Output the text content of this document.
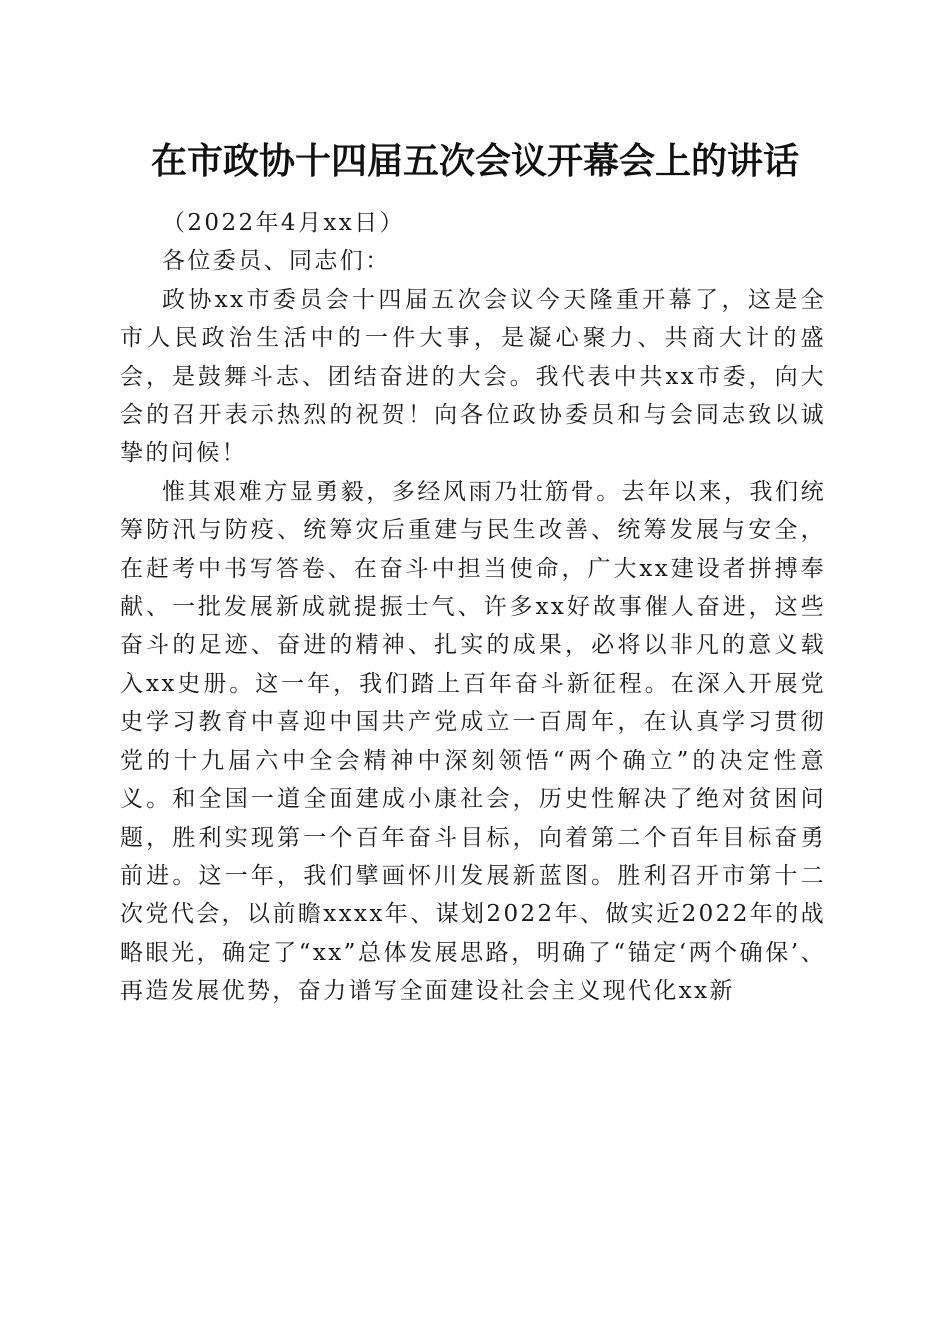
在市政协十四届五次会议开幕会上的讲话

（2022年4月xx日）

各位委员、同志们：

政协xx市委员会十四届五次会议今天隆重开幕了，这是全市人民政治生活中的一件大事，是凝心聚力、共商大计的盛会，是鼓舞斗志、团结奋进的大会。我代表中共xx市委，向大会的召开表示热烈的祝贺！向各位政协委员和与会同志致以诚挚的问候！

惟其艰难方显勇毅，多经风雨乃壮筋骨。去年以来，我们统筹防汛与防疫、统筹灾后重建与民生改善、统筹发展与安全，在赶考中书写答卷、在奋斗中担当使命，广大xx建设者拼搏奉献、一批发展新成就提振士气、许多xx好故事催人奋进，这些奋斗的足迹、奋进的精神、扎实的成果，必将以非凡的意义载入xx史册。这一年，我们踏上百年奋斗新征程。在深入开展党史学习教育中喜迎中国共产党成立一百周年，在认真学习贯彻党的十九届六中全会精神中深刻领悟“两个确立”的决定性意义。和全国一道全面建成小康社会，历史性解决了绝对贫困问题，胜利实现第一个百年奋斗目标，向着第二个百年目标奋勇前进。这一年，我们擘画怀川发展新蓝图。胜利召开市第十二次党代会，以前瞻xxxx年、谋划2022年、做实近2022年的战略眼光，确定了“xx”总体发展思路，明确了“锚定‘两个确保’、再造发展优势，奋力谱写全面建设社会主义现代化xx新
